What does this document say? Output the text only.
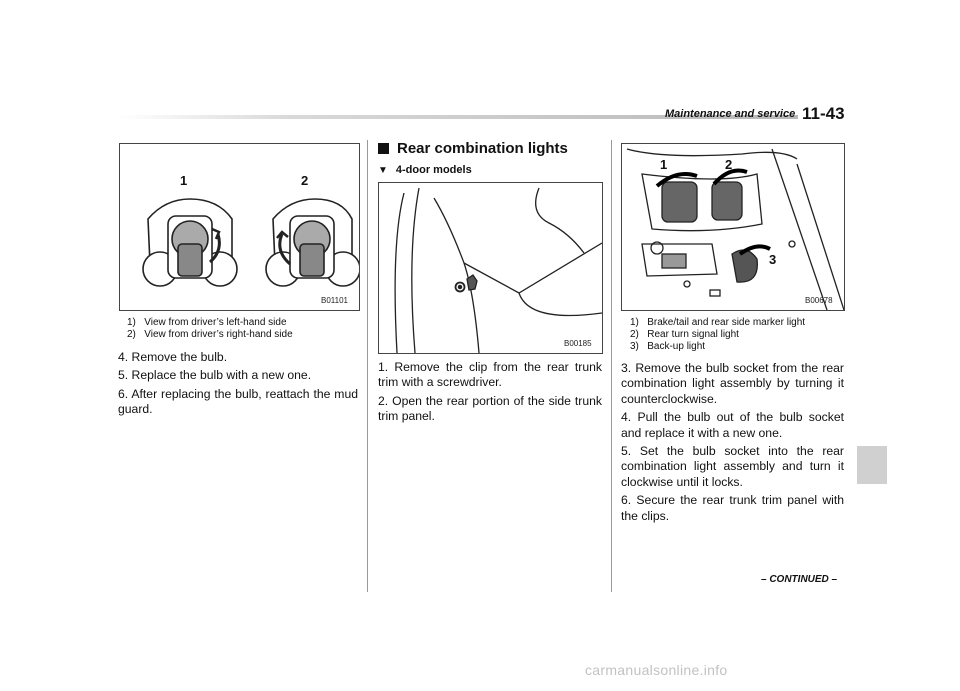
Maintenance and service 11-43
1	2
B01101
1)   View from driver’s left-hand side
2)   View from driver’s right-hand side

4. Remove the bulb.

5. Replace the bulb with a new one.

6. After replacing the bulb, reattach the mud guard.

Rear combination lights
▼ 4-door models
B00185

1. Remove the clip from the rear trunk trim with a screwdriver.

2. Open the rear portion of the side trunk trim panel.

1	2
3
B00678
1)   Brake/tail and rear side marker light
2)   Rear turn signal light
3)   Back-up light

3. Remove the bulb socket from the rear combination light assembly by turning it counterclockwise.

4. Pull the bulb out of the bulb socket and replace it with a new one.

5. Set the bulb socket into the rear combination light assembly and turn it clockwise until it locks.

6. Secure the rear trunk trim panel with the clips.

– CONTINUED –
carmanualsonline.info
